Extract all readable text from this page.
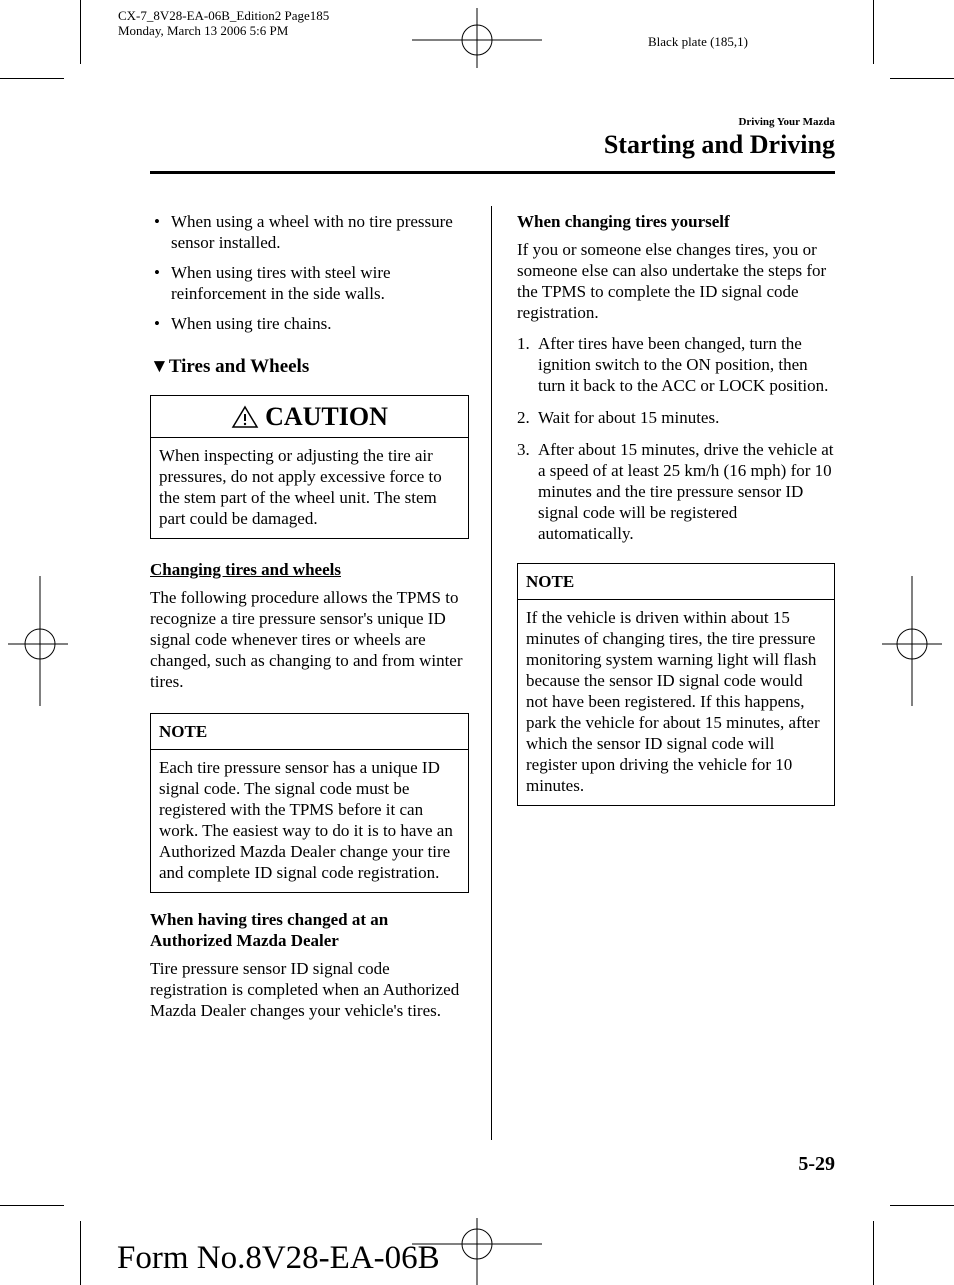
CX-7_8V28-EA-06B_Edition2 Page185
Monday, March 13 2006 5:6 PM
Black plate (185,1)
Driving Your Mazda
Starting and Driving
• When using a wheel with no tire pressure sensor installed.
• When using tires with steel wire reinforcement in the side walls.
• When using tire chains.
▼Tires and Wheels
CAUTION
When inspecting or adjusting the tire air pressures, do not apply excessive force to the stem part of the wheel unit. The stem part could be damaged.
Changing tires and wheels

The following procedure allows the TPMS to recognize a tire pressure sensor's unique ID signal code whenever tires or wheels are changed, such as changing to and from winter tires.

NOTE
Each tire pressure sensor has a unique ID signal code. The signal code must be registered with the TPMS before it can work. The easiest way to do it is to have an Authorized Mazda Dealer change your tire and complete ID signal code registration.
When having tires changed at an Authorized Mazda Dealer

Tire pressure sensor ID signal code registration is completed when an Authorized Mazda Dealer changes your vehicle's tires.

When changing tires yourself

If you or someone else changes tires, you or someone else can also undertake the steps for the TPMS to complete the ID signal code registration.

1. After tires have been changed, turn the ignition switch to the ON position, then turn it back to the ACC or LOCK position.
2. Wait for about 15 minutes.
3. After about 15 minutes, drive the vehicle at a speed of at least 25 km/h (16 mph) for 10 minutes and the tire pressure sensor ID signal code will be registered automatically.
NOTE
If the vehicle is driven within about 15 minutes of changing tires, the tire pressure monitoring system warning light will flash because the sensor ID signal code would not have been registered. If this happens, park the vehicle for about 15 minutes, after which the sensor ID signal code will register upon driving the vehicle for 10 minutes.
5-29
Form No.8V28-EA-06B
